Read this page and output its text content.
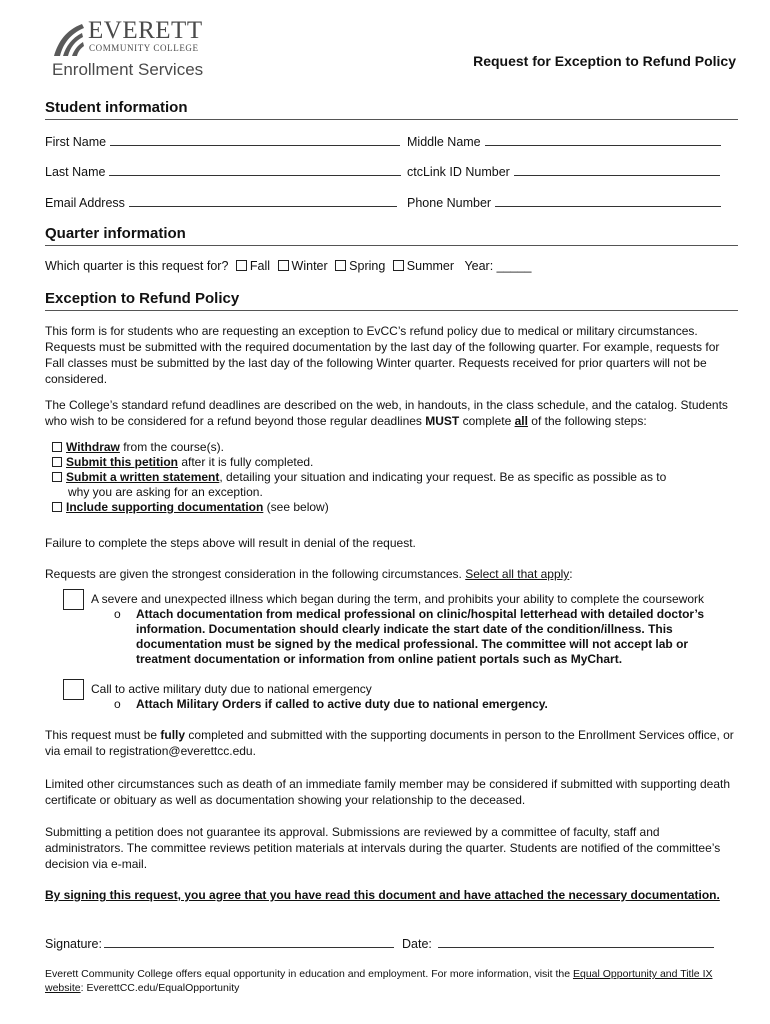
EVERETT
COMMUNITY COLLEGE
Enrollment Services	Request for Exception to Refund Policy
Student information
First Name	Middle Name
Last Name	ctcLink ID Number
Email Address	Phone Number
Quarter information
Which quarter is this request for? Fall Winter Spring Summer Year: _____
Exception to Refund Policy

This form is for students who are requesting an exception to EvCC’s refund policy due to medical or military circumstances. Requests must be submitted with the required documentation by the last day of the following quarter. For example, requests for Fall classes must be submitted by the last day of the following Winter quarter. Requests received for prior quarters will not be considered.

The College’s standard refund deadlines are described on the web, in handouts, in the class schedule, and the catalog. Students who wish to be considered for a refund beyond those regular deadlines MUST complete all of the following steps:

Withdraw from the course(s).
Submit this petition after it is fully completed.
Submit a written statement, detailing your situation and indicating your request. Be as specific as possible as to
why you are asking for an exception.
Include supporting documentation (see below)

Failure to complete the steps above will result in denial of the request.

Requests are given the strongest consideration in the following circumstances. Select all that apply:

A severe and unexpected illness which began during the term, and prohibits your ability to complete the coursework
o Attach documentation from medical professional on clinic/hospital letterhead with detailed doctor’s information. Documentation should clearly indicate the start date of the condition/illness. This documentation must be signed by the medical professional. The committee will not accept lab or treatment documentation or information from online patient portals such as MyChart.
Call to active military duty due to national emergency
o Attach Military Orders if called to active duty due to national emergency.

This request must be fully completed and submitted with the supporting documents in person to the Enrollment Services office, or via email to registration@everettcc.edu.

Limited other circumstances such as death of an immediate family member may be considered if submitted with supporting death certificate or obituary as well as documentation showing your relationship to the deceased.

Submitting a petition does not guarantee its approval. Submissions are reviewed by a committee of faculty, staff and administrators. The committee reviews petition materials at intervals during the quarter. Students are notified of the committee’s decision via e-mail.

By signing this request, you agree that you have read this document and have attached the necessary documentation.

Signature:	Date:
Everett Community College offers equal opportunity in education and employment. For more information, visit the Equal Opportunity and Title IX website: EverettCC.edu/EqualOpportunity
